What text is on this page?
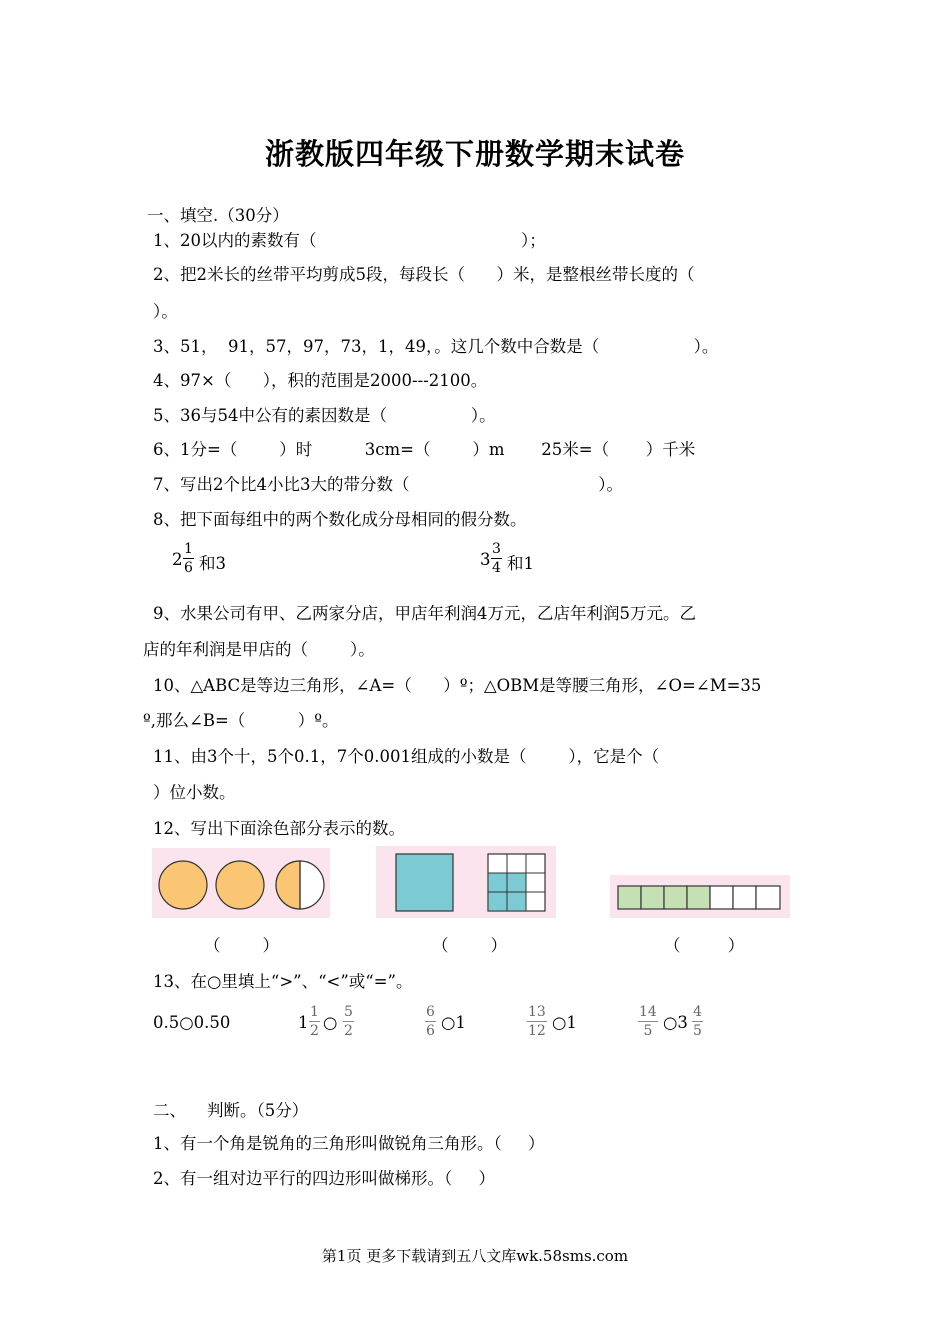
浙教版四年级下册数学期末试卷
一、填空.（30分）
1、20以内的素数有（                                       ）；
2、把2米长的丝带平均剪成5段，每段长（      ）米，是整根丝带长度的（
）。
3、51，  91，57，97，73，1，49，。这几个数中合数是（                  ）。
4、97×（      ），积的范围是2000---2100。
5、36与54中公有的素因数是（                ）。
6、1分=（        ）时          3cm=（        ）m       25米=（       ）千米
7、写出2个比4小比3大的带分数（                                    ）。
8、把下面每组中的两个数化成分母相同的假分数。
$2 \frac{1}{6}$ 和3	$3 \frac{3}{4}$ 和1
9、水果公司有甲、乙两家分店，甲店年利润4万元，乙店年利润5万元。乙
店的年利润是甲店的（        ）。
10、△ABC是等边三角形，∠A=（      ）º；△OBM是等腰三角形，∠O=∠M=35
º,那么∠B=（          ）º。
11、由3个十，5个0.1，7个0.001组成的小数是（        ），它是个（
）位小数。
12、写出下面涂色部分表示的数。
（        ）	（        ）	（         ）
13、在○里填上“>”、“<”或“=”。
0.5○0.50	$1 \frac{1}{2}$ ○ $\frac{5}{2}$	$\frac{6}{6}$ ○1	$\frac{13}{12}$ ○1	$\frac{14}{5}$ ○3 $\frac{4}{5}$
二、    判断。（5分）
1、有一个角是锐角的三角形叫做锐角三角形。（     ）
2、有一组对边平行的四边形叫做梯形。（     ）
第1页 更多下载请到五八文库wk.58sms.com
